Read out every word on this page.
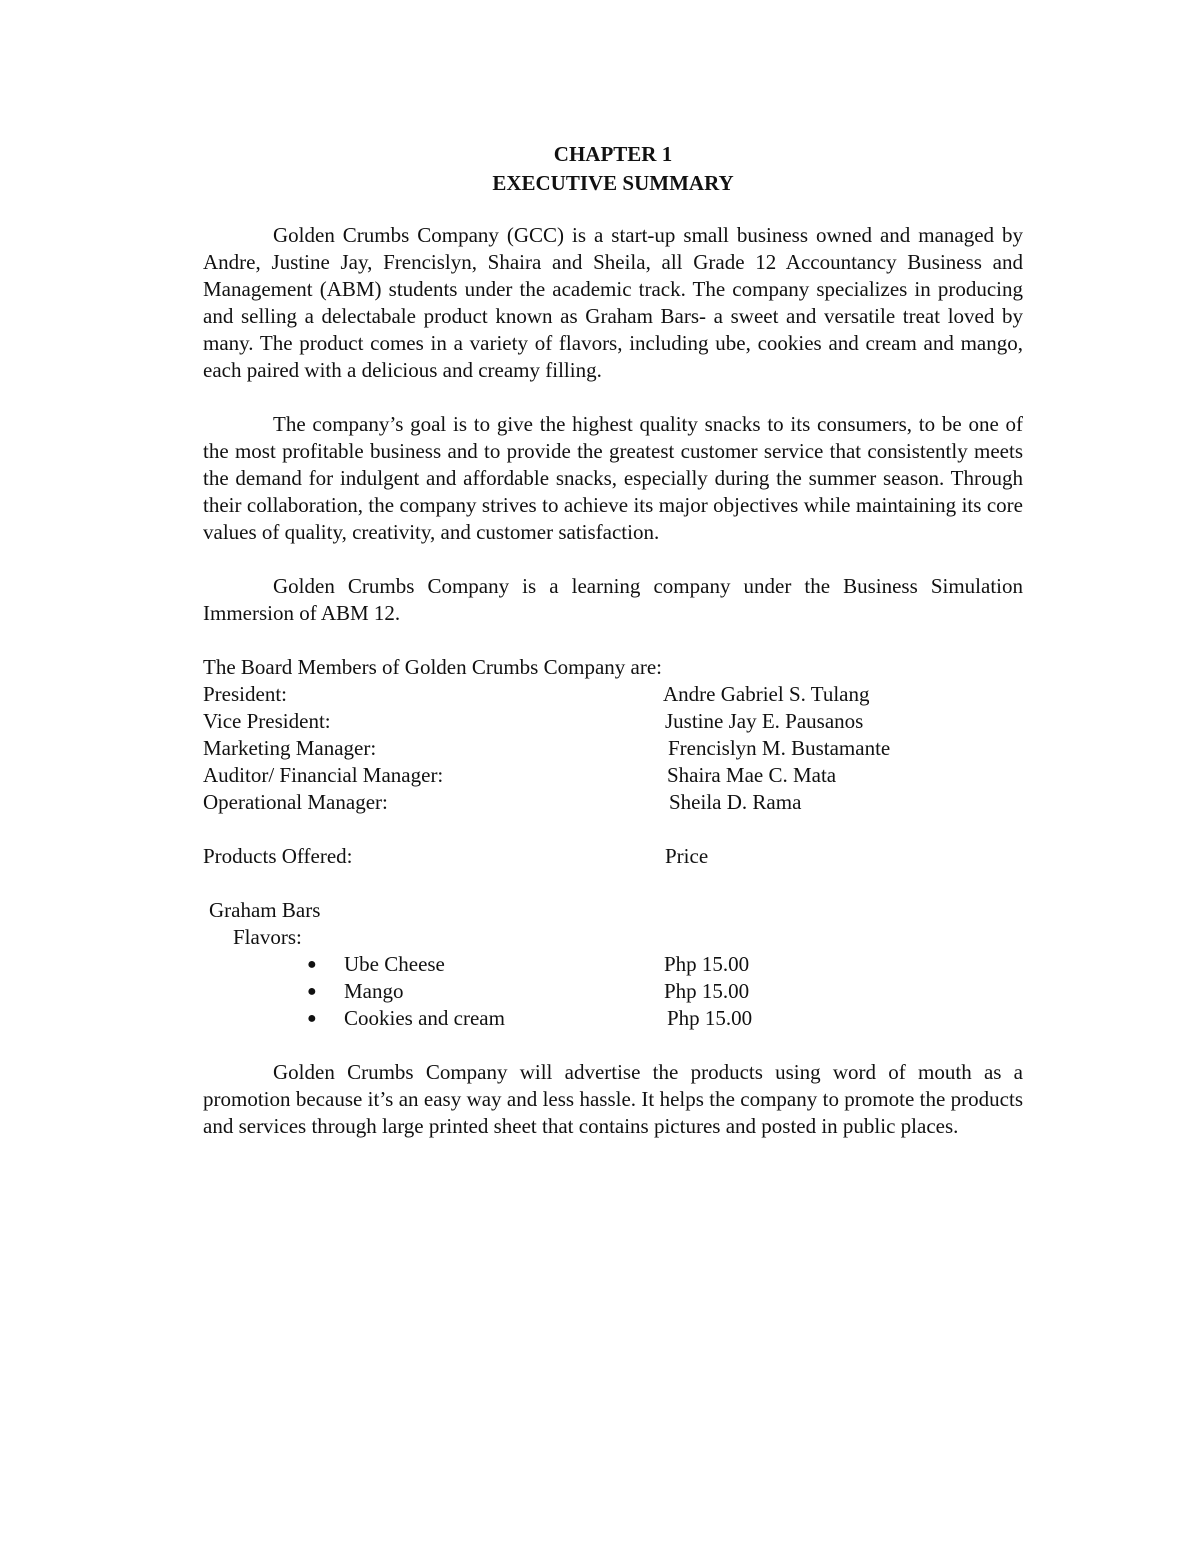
CHAPTER 1
EXECUTIVE SUMMARY

Golden Crumbs Company (GCC) is a start-up small business owned and managed by Andre, Justine Jay, Frencislyn, Shaira and Sheila, all Grade 12 Accountancy Business and Management (ABM) students under the academic track. The company specializes in producing and selling a delectabale product known as Graham Bars- a sweet and versatile treat loved by many. The product comes in a variety of flavors, including ube, cookies and cream and mango, each paired with a delicious and creamy filling.

The company’s goal is to give the highest quality snacks to its consumers, to be one of the most profitable business and to provide the greatest customer service that consistently meets the demand for indulgent and affordable snacks, especially during the summer season. Through their collaboration, the company strives to achieve its major objectives while maintaining its core values of quality, creativity, and customer satisfaction.

Golden Crumbs Company is a learning company under the Business Simulation Immersion of ABM 12.

The Board Members of Golden Crumbs Company are:
President:	Andre Gabriel S. Tulang
Vice President:	Justine Jay E. Pausanos
Marketing Manager:	Frencislyn M. Bustamante
Auditor/ Financial Manager:	Shaira Mae C. Mata
Operational Manager:	Sheila D. Rama
Products Offered:	Price
Graham Bars
Flavors:
●	Ube Cheese	Php 15.00
●	Mango	Php 15.00
●	Cookies and cream	Php 15.00

Golden Crumbs Company will advertise the products using word of mouth as a promotion because it’s an easy way and less hassle. It helps the company to promote the products and services through large printed sheet that contains pictures and posted in public places.
